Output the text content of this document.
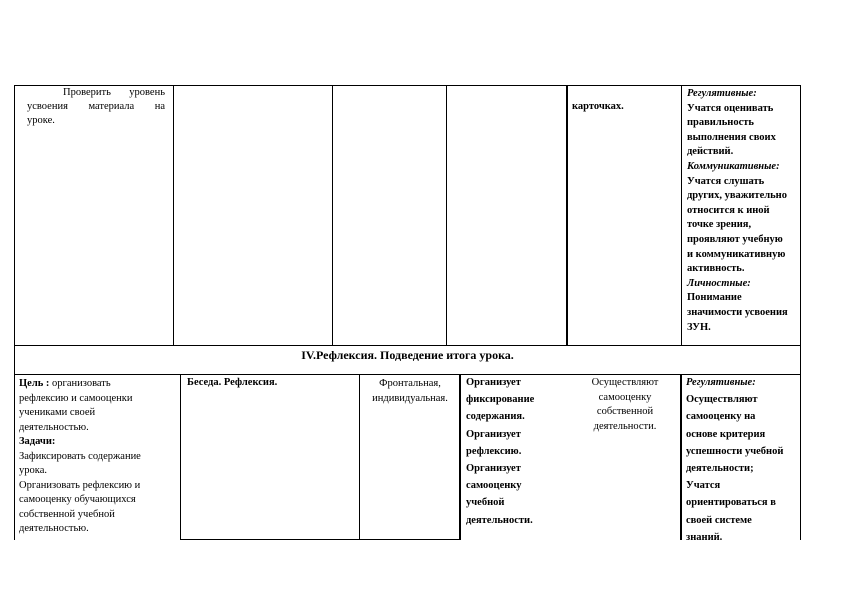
Проверить уровень
усвоения материала на
уроке.
карточках.
Регулятивные:
Учатся оценивать
правильность
выполнения своих
действий.
Коммуникативные:
Учатся слушать
других, уважительно
относится к иной
точке зрения,
проявляют учебную
и коммуникативную
активность.
Личностные:
Понимание
значимости усвоения
ЗУН.
IV.Рефлексия. Подведение итога урока.
Цель : организовать
рефлексию и самооценки
учениками своей
деятельностью.
Задачи:
Зафиксировать содержание
урока.
Организовать рефлексию и
самооценку обучающихся
собственной учебной
деятельностью.
Беседа. Рефлексия.	Фронтальная,
индивидуальная.
Организует
фиксирование
содержания.
Организует
рефлексию.
Организует
самооценку
учебной
деятельности.
Осуществляют
самооценку
собственной
деятельности.
Регулятивные:
Осуществляют
самооценку на
основе критерия
успешности учебной
деятельности;
Учатся
ориентироваться в
своей системе
знаний.
